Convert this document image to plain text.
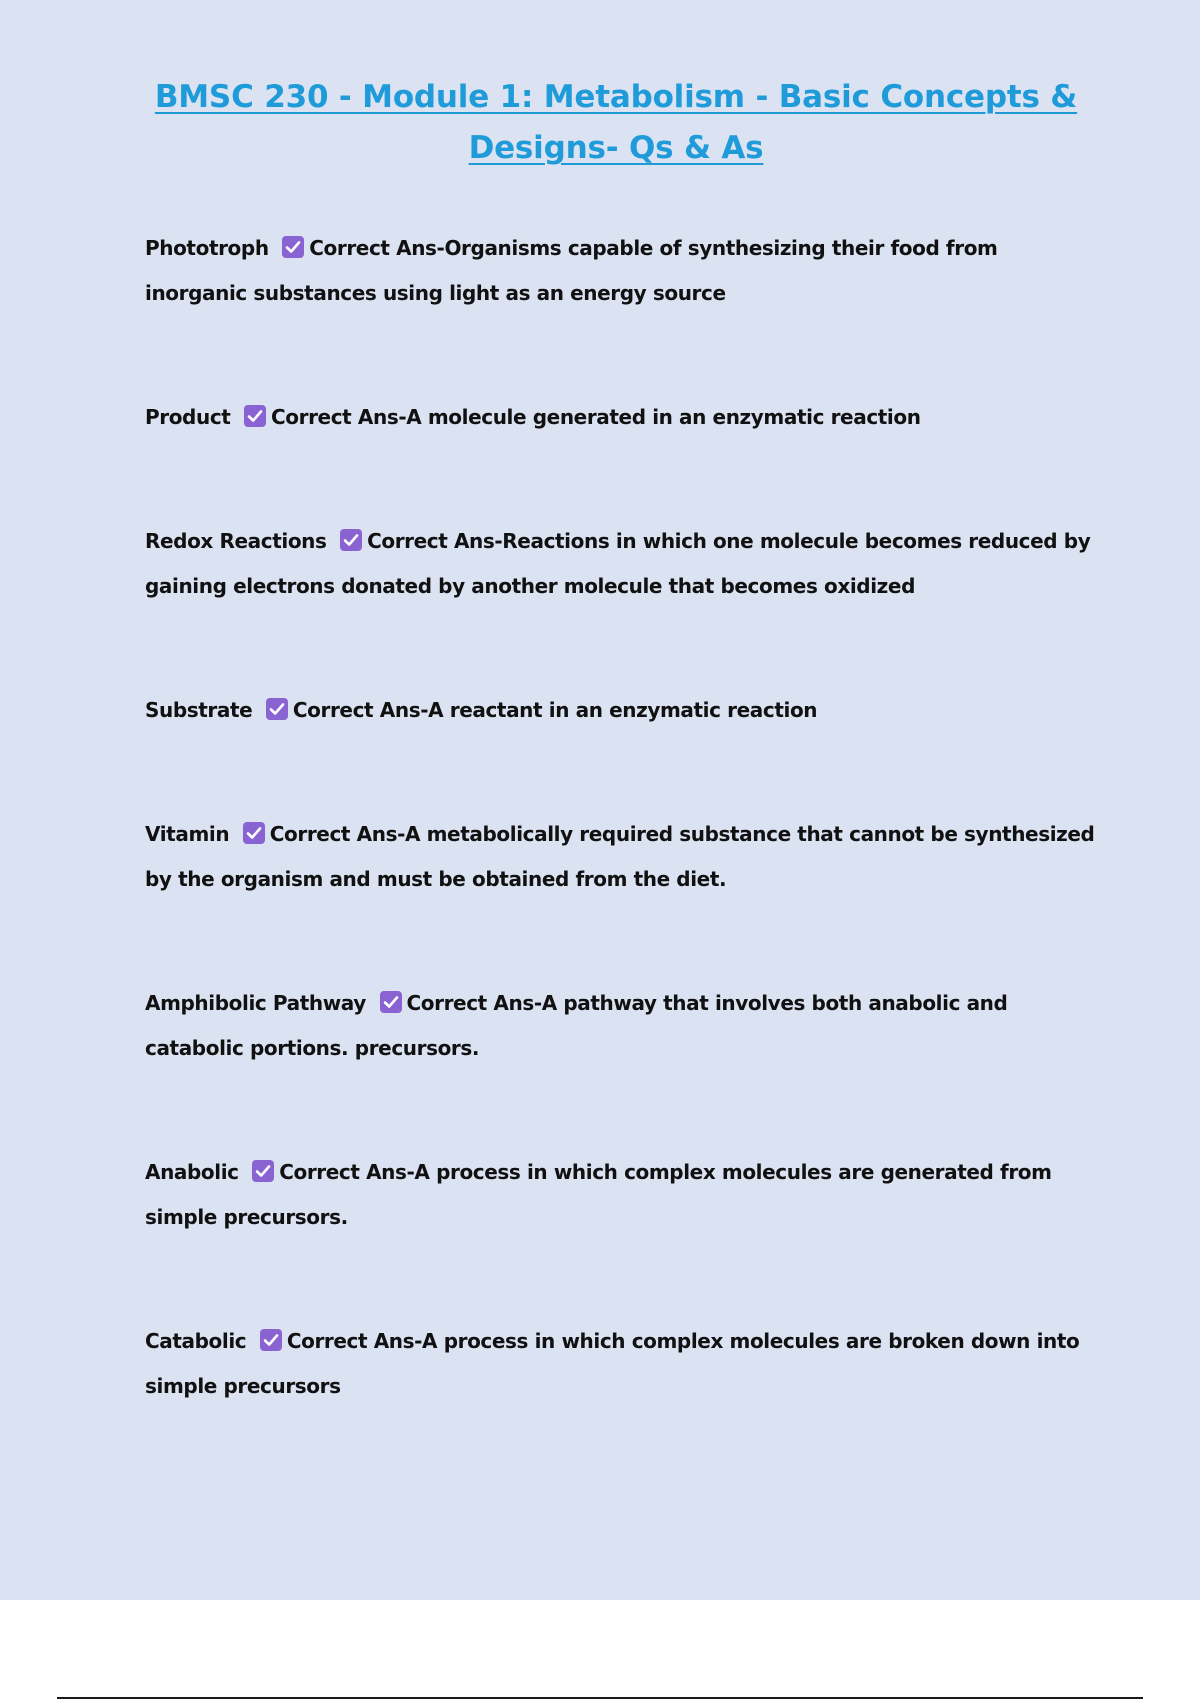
BMSC 230 - Module 1: Metabolism - Basic Concepts & Designs- Qs & As
Phototroph Correct Ans-Organisms capable of synthesizing their food from inorganic substances using light as an energy source
Product Correct Ans-A molecule generated in an enzymatic reaction
Redox Reactions Correct Ans-Reactions in which one molecule becomes reduced by gaining electrons donated by another molecule that becomes oxidized
Substrate Correct Ans-A reactant in an enzymatic reaction
Vitamin Correct Ans-A metabolically required substance that cannot be synthesized by the organism and must be obtained from the diet.
Amphibolic Pathway Correct Ans-A pathway that involves both anabolic and catabolic portions. precursors.
Anabolic Correct Ans-A process in which complex molecules are generated from simple precursors.
Catabolic Correct Ans-A process in which complex molecules are broken down into simple precursors
